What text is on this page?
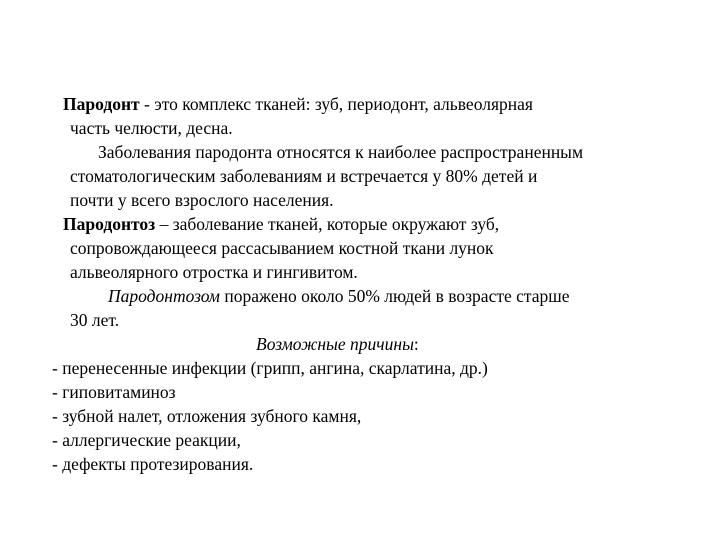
Пародонт - это комплекс тканей: зуб, периодонт, альвеолярная
часть челюсти, десна.
Заболевания пародонта относятся к наиболее распространенным
стоматологическим заболеваниям и встречается у 80% детей и
почти у всего взрослого населения.
Пародонтоз – заболевание тканей, которые окружают зуб,
сопровождающееся рассасыванием костной ткани лунок
альвеолярного отростка и гингивитом.
Пародонтозом поражено около 50% людей в возрасте старше
30 лет.
Возможные причины:
- перенесенные инфекции (грипп, ангина, скарлатина, др.)
- гиповитаминоз
- зубной налет, отложения зубного камня,
- аллергические реакции,
- дефекты протезирования.
